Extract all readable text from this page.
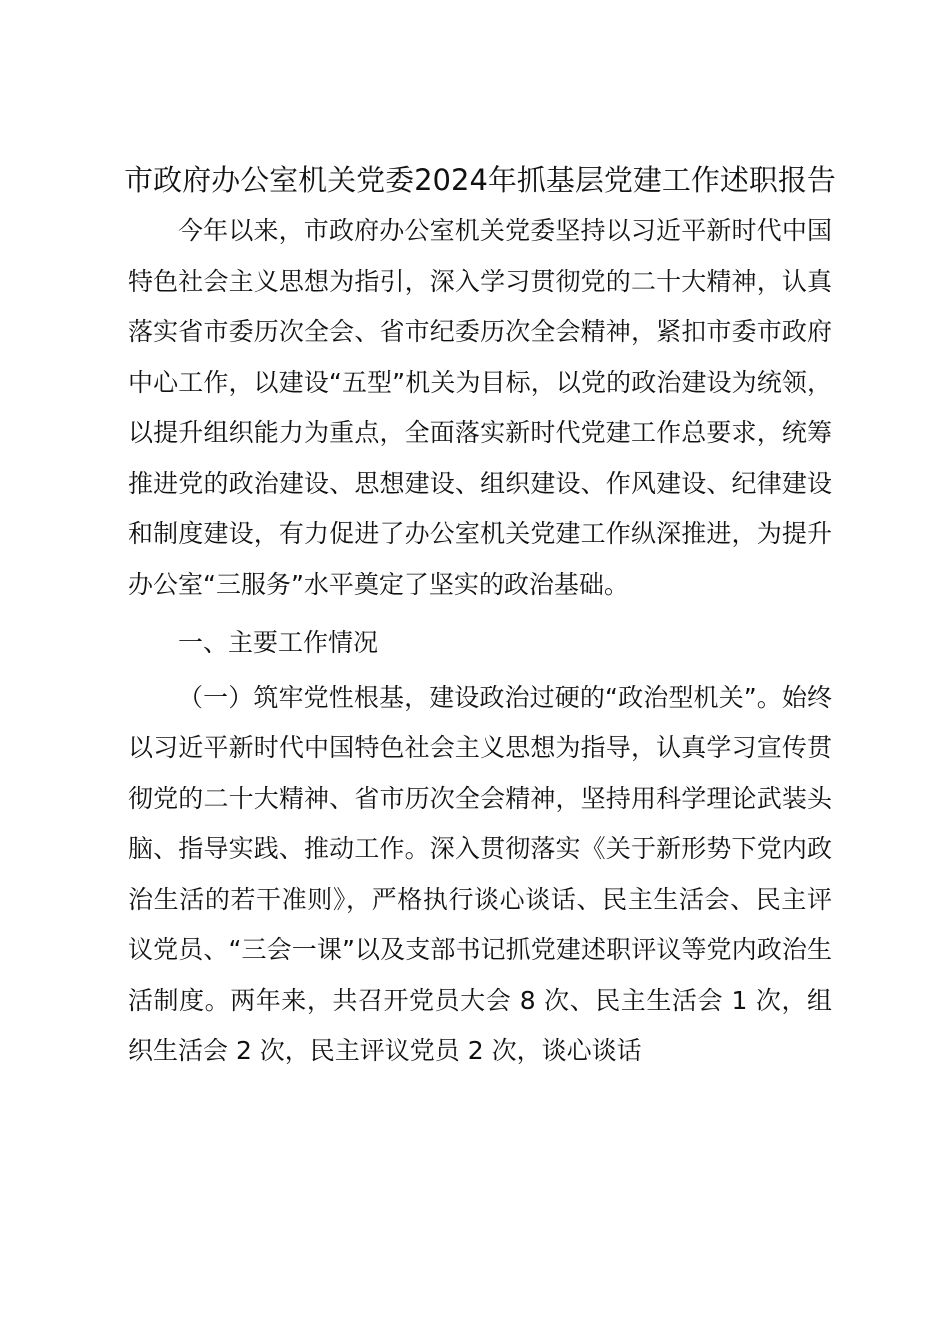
市政府办公室机关党委2024年抓基层党建工作述职报告

今年以来，市政府办公室机关党委坚持以习近平新时代中国特色社会主义思想为指引，深入学习贯彻党的二十大精神，认真落实省市委历次全会、省市纪委历次全会精神，紧扣市委市政府中心工作，以建设“五型”机关为目标，以党的政治建设为统领，以提升组织能力为重点，全面落实新时代党建工作总要求，统筹推进党的政治建设、思想建设、组织建设、作风建设、纪律建设和制度建设，有力促进了办公室机关党建工作纵深推进，为提升办公室“三服务”水平奠定了坚实的政治基础。

一、主要工作情况

（一）筑牢党性根基，建设政治过硬的“政治型机关”。始终以习近平新时代中国特色社会主义思想为指导，认真学习宣传贯彻党的二十大精神、省市历次全会精神，坚持用科学理论武装头脑、指导实践、推动工作。深入贯彻落实《关于新形势下党内政治生活的若干准则》，严格执行谈心谈话、民主生活会、民主评议党员、“三会一课”以及支部书记抓党建述职评议等党内政治生活制度。两年来，共召开党员大会 8 次、民主生活会 1 次，组织生活会 2 次，民主评议党员 2 次，谈心谈话
